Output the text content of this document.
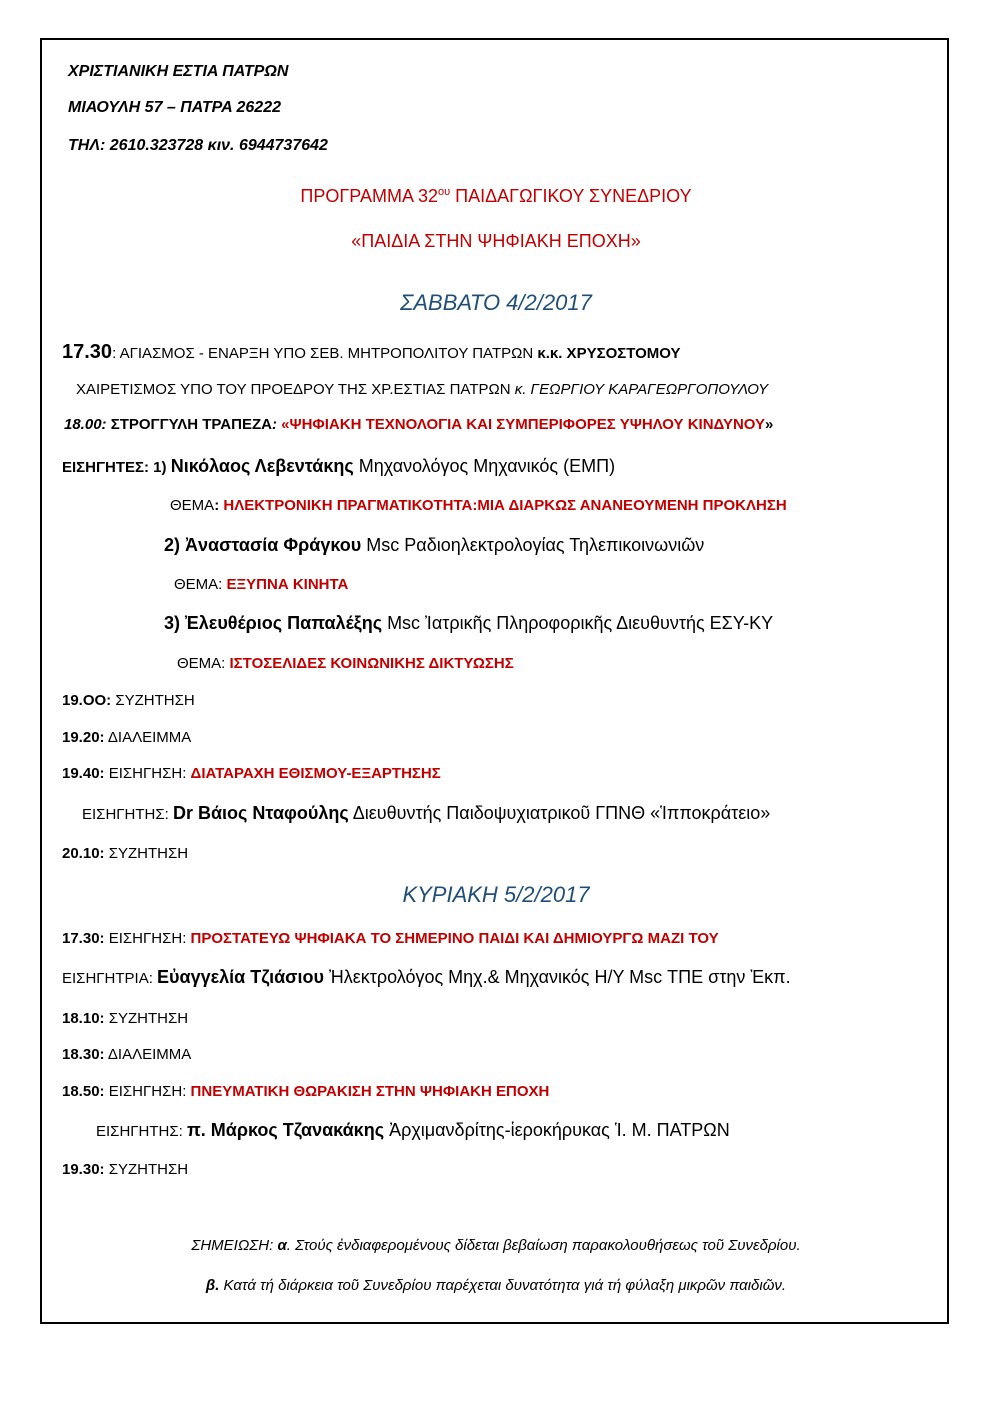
ΧΡΙΣΤΙΑΝΙΚΗ ΕΣΤΙΑ ΠΑΤΡΩΝ
ΜΙΑΟΥΛΗ 57 – ΠΑΤΡΑ 26222
ΤΗΛ: 2610.323728 κιν. 6944737642
ΠΡΟΓΡΑΜΜΑ $32^{o\upsilon}$ ΠΑΙΔΑΓΩΓΙΚΟΥ ΣΥΝΕΔΡΙΟΥ
«ΠΑΙΔΙΑ ΣΤΗΝ ΨΗΦΙΑΚΗ ΕΠΟΧΗ»
ΣΑΒΒΑΤΟ 4/2/2017
17.30: ΑΓΙΑΣΜΟΣ - ΕΝΑΡΞΗ ΥΠΟ ΣΕΒ. ΜΗΤΡΟΠΟΛΙΤΟΥ ΠΑΤΡΩΝ κ.κ. ΧΡΥΣΟΣΤΟΜΟΥ
ΧΑΙΡΕΤΙΣΜΟΣ ΥΠΟ ΤΟΥ ΠΡΟΕΔΡΟΥ ΤΗΣ ΧΡ.ΕΣΤΙΑΣ ΠΑΤΡΩΝ κ. ΓΕΩΡΓΙΟΥ ΚΑΡΑΓΕΩΡΓΟΠΟΥΛΟΥ
18.00: ΣΤΡΟΓΓΥΛΗ ΤΡΑΠΕΖΑ: «ΨΗΦΙΑΚΗ ΤΕΧΝΟΛΟΓΙΑ ΚΑΙ ΣΥΜΠΕΡΙΦΟΡΕΣ ΥΨΗΛΟΥ ΚΙΝΔΥΝΟΥ»
ΕΙΣΗΓΗΤΕΣ: 1) Νικόλαος Λεβεντάκης Μηχανολόγος Μηχανικός (ΕΜΠ)
ΘΕΜΑ: ΗΛΕΚΤΡΟΝΙΚΗ ΠΡΑΓΜΑΤΙΚΟΤΗΤΑ:ΜΙΑ ΔΙΑΡΚΩΣ ΑΝΑΝΕΟΥΜΕΝΗ ΠΡΟΚΛΗΣΗ
2) Ἀναστασία Φράγκου Msc Ραδιοηλεκτρολογίας Τηλεπικοινωνιῶν
ΘΕΜΑ: ΕΞΥΠΝΑ ΚΙΝΗΤΑ
3) Ἐλευθέριος Παπαλέξης Msc Ἰατρικῆς Πληροφορικῆς Διευθυντής ΕΣΥ-ΚΥ
ΘΕΜΑ: ΙΣΤΟΣΕΛΙΔΕΣ ΚΟΙΝΩΝΙΚΗΣ ΔΙΚΤΥΩΣΗΣ
19.ΟΟ: ΣΥΖΗΤΗΣΗ
19.20: ΔΙΑΛΕΙΜΜΑ
19.40: ΕΙΣΗΓΗΣΗ: ΔΙΑΤΑΡΑΧΗ ΕΘΙΣΜΟΥ-ΕΞΑΡΤΗΣΗΣ
ΕΙΣΗΓΗΤΗΣ: Dr Βάιος Νταφούλης Διευθυντής Παιδοψυχιατρικοῦ ΓΠΝΘ «Ἱπποκράτειο»
20.10: ΣΥΖΗΤΗΣΗ
ΚΥΡΙΑΚΗ 5/2/2017
17.30: ΕΙΣΗΓΗΣΗ: ΠΡΟΣΤΑΤΕΥΩ ΨΗΦΙΑΚΑ ΤΟ ΣΗΜΕΡΙΝΟ ΠΑΙΔΙ ΚΑΙ ΔΗΜΙΟΥΡΓΩ ΜΑΖΙ ΤΟΥ
ΕΙΣΗΓΗΤΡΙΑ: Εὐαγγελία Τζιάσιου Ἠλεκτρολόγος Μηχ.& Μηχανικός Η/Υ Msc ΤΠΕ στην Ἐκπ.
18.10: ΣΥΖΗΤΗΣΗ
18.30: ΔΙΑΛΕΙΜΜΑ
18.50: ΕΙΣΗΓΗΣΗ: ΠΝΕΥΜΑΤΙΚΗ ΘΩΡΑΚΙΣΗ ΣΤΗΝ ΨΗΦΙΑΚΗ ΕΠΟΧΗ
ΕΙΣΗΓΗΤΗΣ: π. Μάρκος Τζανακάκης Ἀρχιμανδρίτης-ἱεροκήρυκας Ἱ. Μ. ΠΑΤΡΩΝ
19.30: ΣΥΖΗΤΗΣΗ
ΣΗΜΕΙΩΣΗ: α. Στούς ἐνδιαφερομένους δίδεται βεβαίωση παρακολουθήσεως τοῦ Συνεδρίου.
β. Κατά τή διάρκεια τοῦ Συνεδρίου παρέχεται δυνατότητα γιά τή φύλαξη μικρῶν παιδιῶν.
